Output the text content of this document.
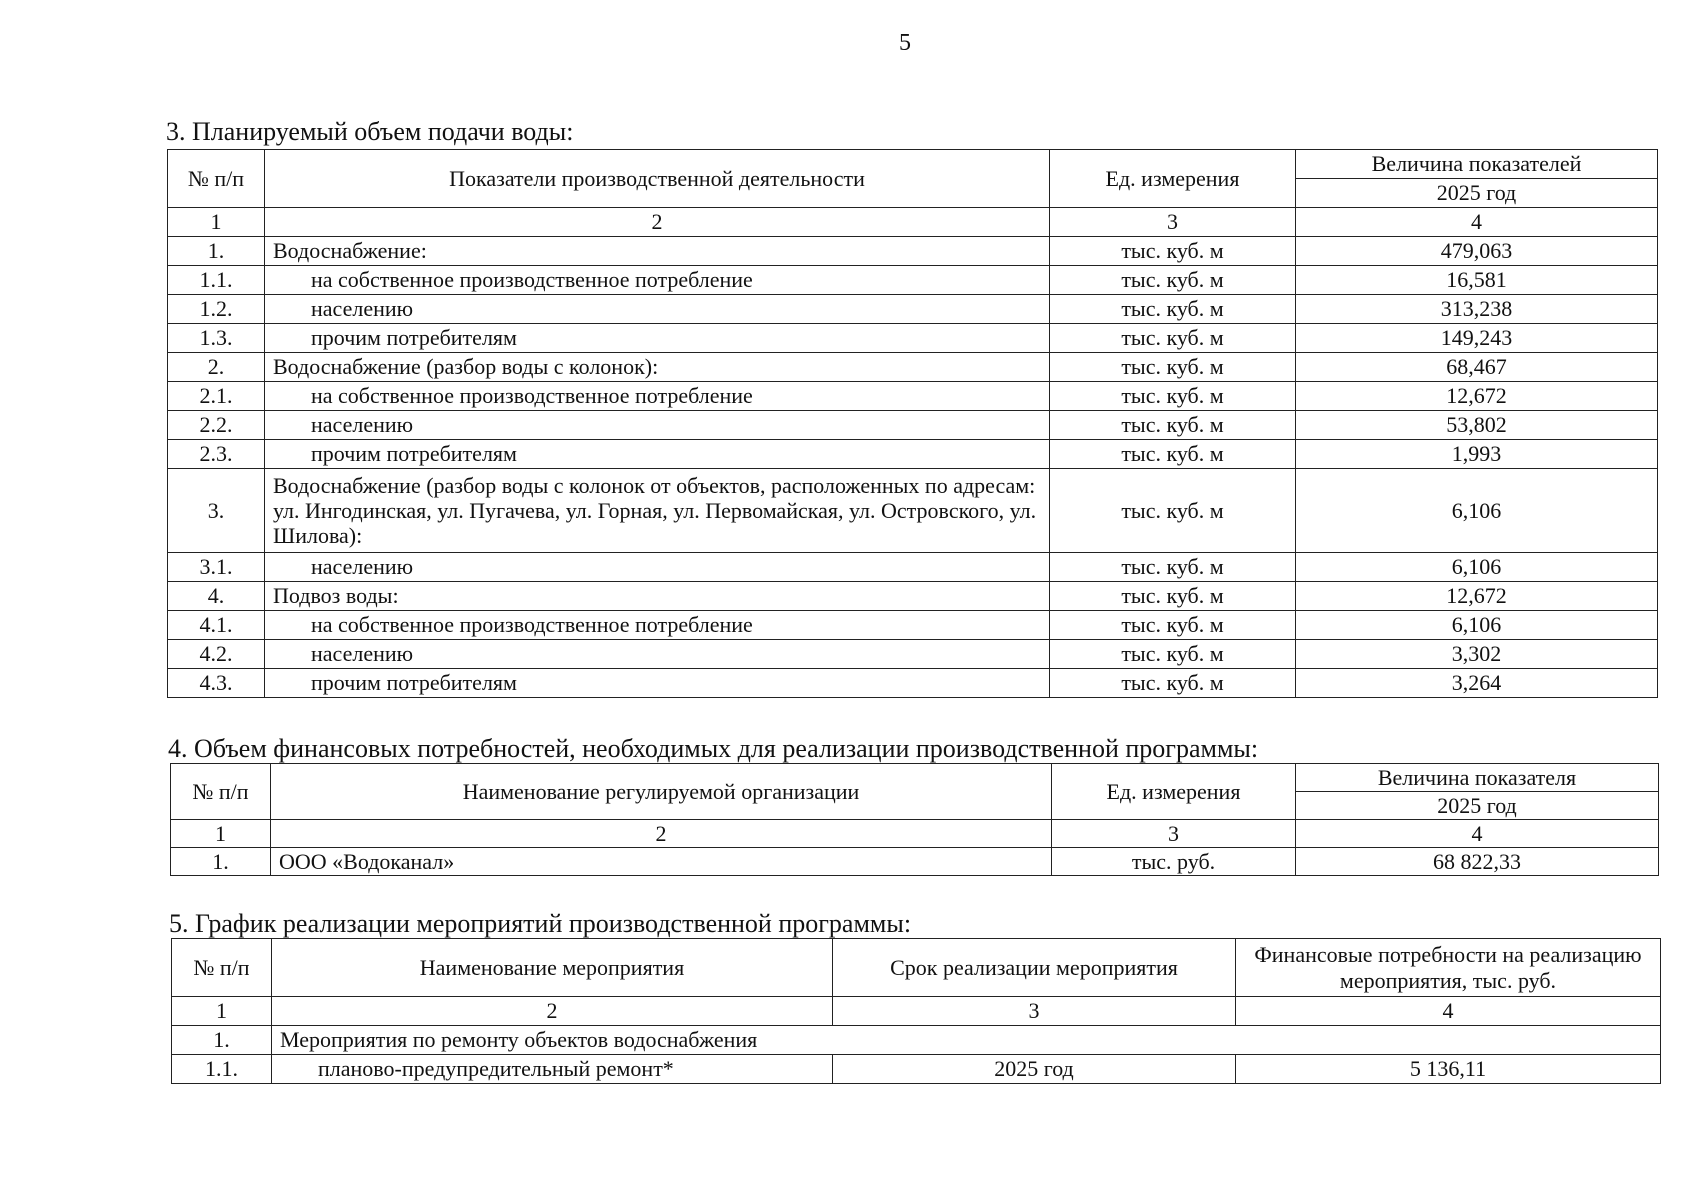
5
3. Планируемый объем подачи воды:
№ п/п	Показатели производственной деятельности	Ед. измерения	Величина показателей
			2025 год
1	2	3	4
1.	Водоснабжение:	тыс. куб. м	479,063
1.1.	на собственное производственное потребление	тыс. куб. м	16,581
1.2.	населению	тыс. куб. м	313,238
1.3.	прочим потребителям	тыс. куб. м	149,243
2.	Водоснабжение (разбор воды с колонок):	тыс. куб. м	68,467
2.1.	на собственное производственное потребление	тыс. куб. м	12,672
2.2.	населению	тыс. куб. м	53,802
2.3.	прочим потребителям	тыс. куб. м	1,993
3.	Водоснабжение (разбор воды с колонок от объектов, расположенных по адресам: ул. Ингодинская, ул. Пугачева, ул. Горная, ул. Первомайская, ул. Островского, ул. Шилова):	тыс. куб. м	6,106
3.1.	населению	тыс. куб. м	6,106
4.	Подвоз воды:	тыс. куб. м	12,672
4.1.	на собственное производственное потребление	тыс. куб. м	6,106
4.2.	населению	тыс. куб. м	3,302
4.3.	прочим потребителям	тыс. куб. м	3,264
4. Объем финансовых потребностей, необходимых для реализации производственной программы:
№ п/п	Наименование регулируемой организации	Ед. измерения	Величина показателя
			2025 год
1	2	3	4
1.	ООО «Водоканал»	тыс. руб.	68 822,33
5. График реализации мероприятий производственной программы:
№ п/п	Наименование мероприятия	Срок реализации мероприятия	Финансовые потребности на реализацию мероприятия, тыс. руб.
1	2	3	4
1.	Мероприятия по ремонту объектов водоснабжения		
1.1.	планово-предупредительный ремонт*	2025 год	5 136,11
